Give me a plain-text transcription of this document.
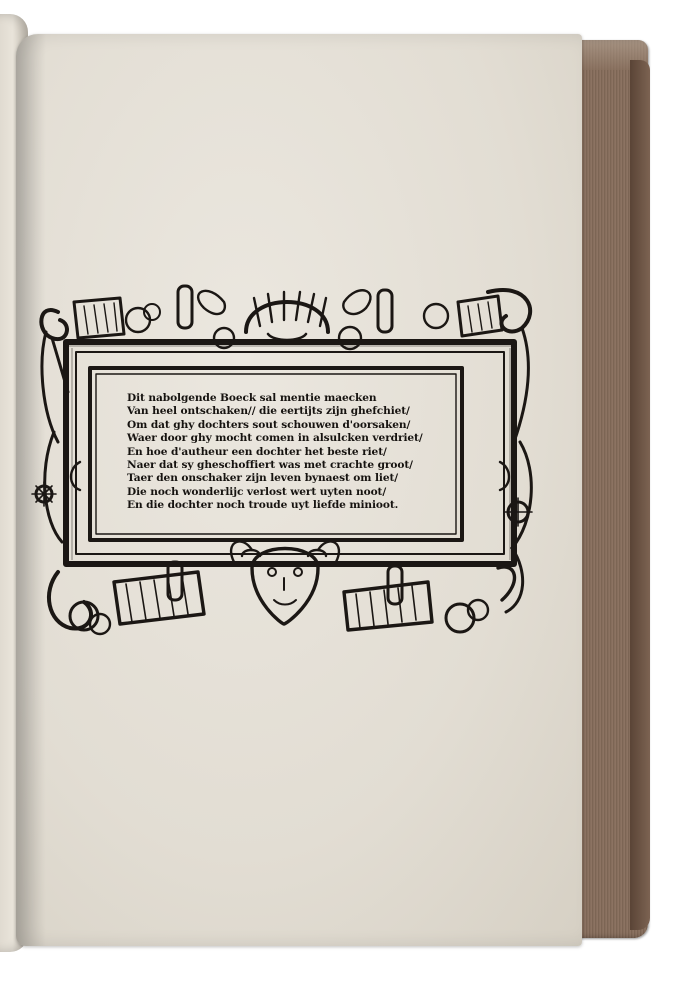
Dit nabolgende Boeck sal mentie maecken
Van heel ontschaken// die eertijts zijn ghefchiet/
Om dat ghy dochters sout schouwen d'oorsaken/
Waer door ghy mocht comen in alsulcken verdriet/
En hoe d'autheur een dochter het beste riet/
Naer dat sy gheschoffiert was met crachte groot/
Taer den onschaker zijn leven bynaest om liet/
Die noch wonderlijc verlost wert uyten noot/
En die dochter noch troude uyt liefde minioot.
